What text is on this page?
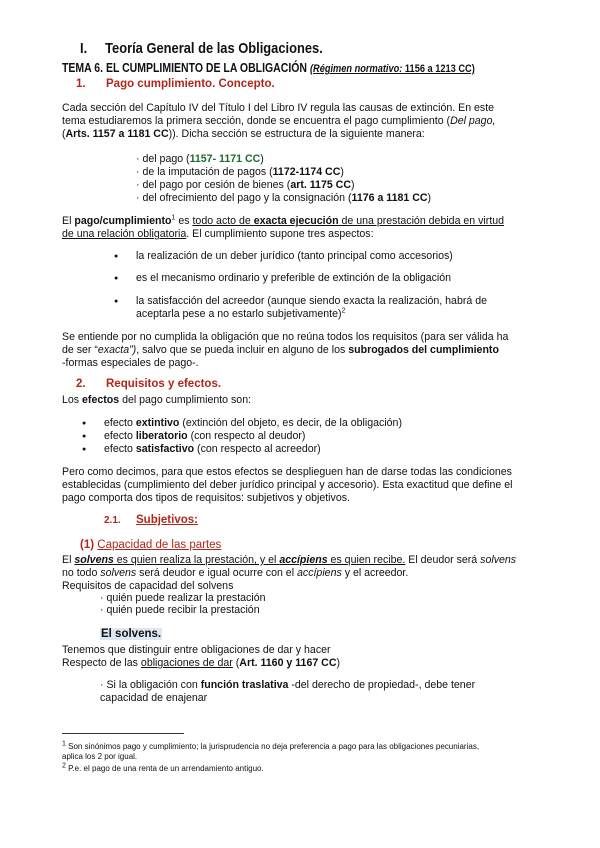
I. Teoría General de las Obligaciones.
TEMA 6. EL CUMPLIMIENTO DE LA OBLIGACIÓN (Régimen normativo: 1156 a 1213 CC)
1. Pago cumplimiento. Concepto.
Cada sección del Capítulo IV del Título I del Libro IV regula las causas de extinción. En este
tema estudiaremos la primera sección, donde se encuentra el pago cumplimiento (Del pago,
(Arts. 1157 a 1181 CC)). Dicha sección se estructura de la siguiente manera:
· del pago (1157- 1171 CC)
· de la imputación de pagos (1172-1174 CC)
· del pago por cesión de bienes (art. 1175 CC)
· del ofrecimiento del pago y la consignación (1176 a 1181 CC)
El pago/cumplimiento$^1$ es todo acto de exacta ejecución de una prestación debida en virtud
de una relación obligatoria. El cumplimiento supone tres aspectos:
● la realización de un deber jurídico (tanto principal como accesorios)
● es el mecanismo ordinario y preferible de extinción de la obligación
● la satisfacción del acreedor (aunque siendo exacta la realización, habrá de
aceptarla pese a no estarlo subjetivamente)$^2$
Se entiende por no cumplida la obligación que no reúna todos los requisitos (para ser válida ha
de ser “exacta”), salvo que se pueda incluir en alguno de los subrogados del cumplimiento
-formas especiales de pago-.
2. Requisitos y efectos.
Los efectos del pago cumplimiento son:
● efecto extintivo (extinción del objeto, es decir, de la obligación)
● efecto liberatorio (con respecto al deudor)
● efecto satisfactivo (con respecto al acreedor)
Pero como decimos, para que estos efectos se desplieguen han de darse todas las condiciones
establecidas (cumplimiento del deber jurídico principal y accesorio). Esta exactitud que define el
pago comporta dos tipos de requisitos: subjetivos y objetivos.
2.1. Subjetivos:
(1) Capacidad de las partes
El solvens es quien realiza la prestación, y el accípiens es quien recibe. El deudor será solvens
no todo solvens será deudor e igual ocurre con el accípiens y el acreedor.
Requisitos de capacidad del solvens
· quién puede realizar la prestación
· quién puede recibir la prestación
El solvens.
Tenemos que distinguir entre obligaciones de dar y hacer
Respecto de las obligaciones de dar (Art. 1160 y 1167 CC)
· Si la obligación con función traslativa -del derecho de propiedad-, debe tener
capacidad de enajenar
$^1$ Son sinónimos pago y cumplimiento; la jurisprudencia no deja preferencia a pago para las obligaciones pecuniarias,
aplica los 2 por igual.
$^2$ P.e. el pago de una renta de un arrendamiento antiguo.
